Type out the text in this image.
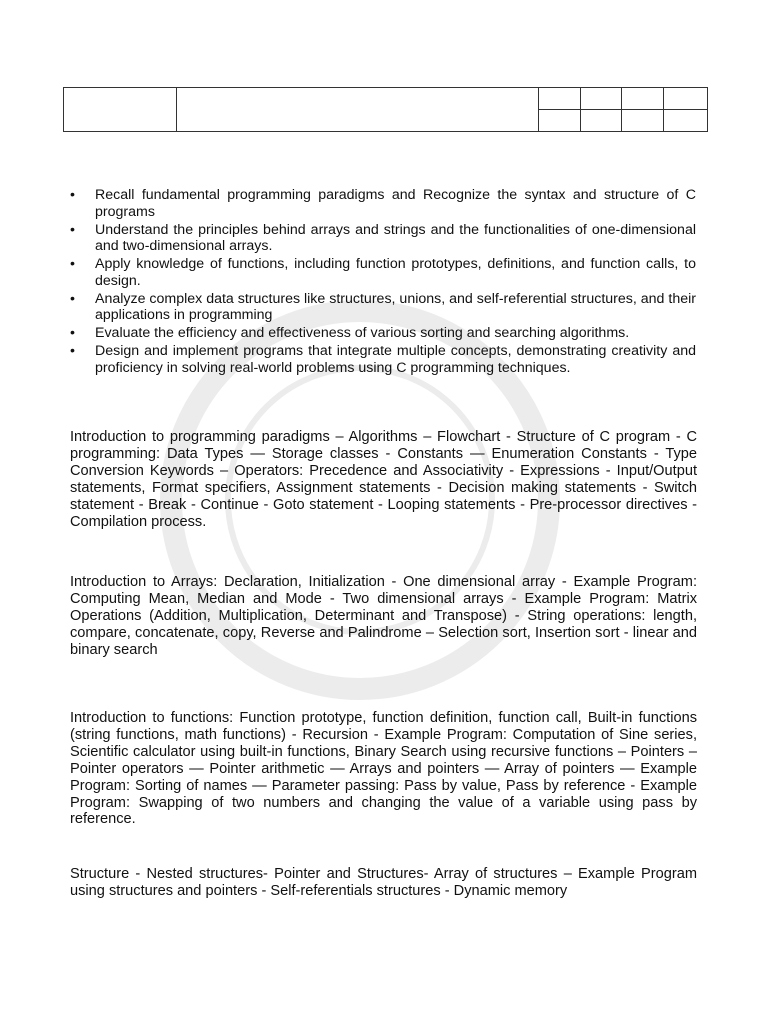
• Recall fundamental programming paradigms and Recognize the syntax and structure of C programs
• Understand the principles behind arrays and strings and the functionalities of one-dimensional and two-dimensional arrays.
• Apply knowledge of functions, including function prototypes, definitions, and function calls, to design.
• Analyze complex data structures like structures, unions, and self-referential structures, and their applications in programming
• Evaluate the efficiency and effectiveness of various sorting and searching algorithms.
• Design and implement programs that integrate multiple concepts, demonstrating creativity and proficiency in solving real-world problems using C programming techniques.

Introduction to programming paradigms – Algorithms – Flowchart - Structure of C program - C programming: Data Types — Storage classes - Constants — Enumeration Constants - Type Conversion Keywords – Operators: Precedence and Associativity - Expressions - Input/Output statements, Format specifiers, Assignment statements - Decision making statements - Switch statement - Break - Continue - Goto statement - Looping statements - Pre-processor directives - Compilation process.

Introduction to Arrays: Declaration, Initialization - One dimensional array - Example Program: Computing Mean, Median and Mode - Two dimensional arrays - Example Program: Matrix Operations (Addition, Multiplication, Determinant and Transpose) - String operations: length, compare, concatenate, copy, Reverse and Palindrome – Selection sort, Insertion sort - linear and binary search

Introduction to functions: Function prototype, function definition, function call, Built-in functions (string functions, math functions) - Recursion - Example Program: Computation of Sine series, Scientific calculator using built-in functions, Binary Search using recursive functions – Pointers – Pointer operators — Pointer arithmetic — Arrays and pointers — Array of pointers — Example Program: Sorting of names — Parameter passing: Pass by value, Pass by reference - Example Program: Swapping of two numbers and changing the value of a variable using pass by reference.

Structure - Nested structures- Pointer and Structures- Array of structures – Example Program using structures and pointers - Self-referentials structures - Dynamic memory
